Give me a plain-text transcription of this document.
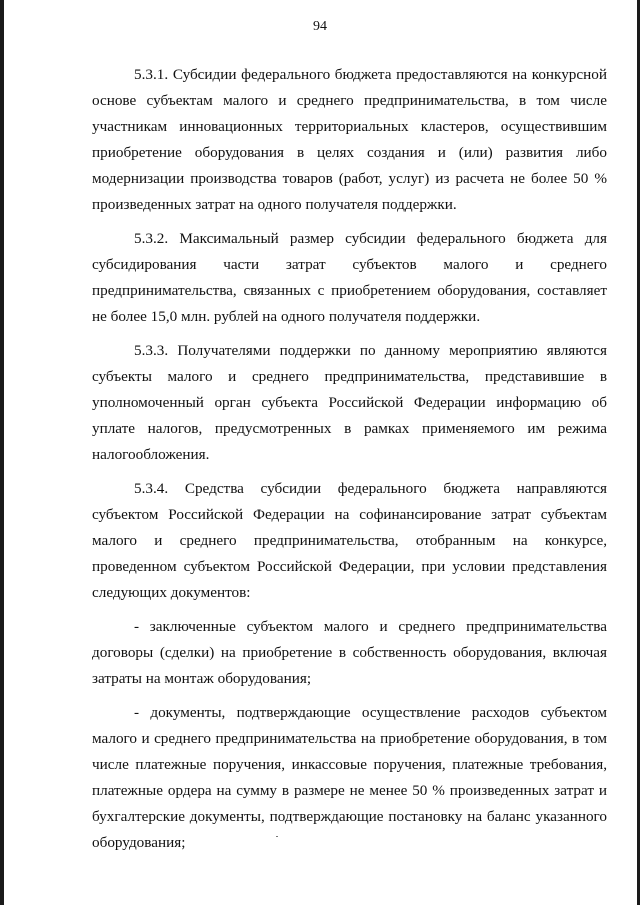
94

5.3.1. Субсидии федерального бюджета предоставляются на конкурсной основе субъектам малого и среднего предпринимательства, в том числе участникам инновационных территориальных кластеров, осуществившим приобретение оборудования в целях создания и (или) развития либо модернизации производства товаров (работ, услуг) из расчета не более 50 % произведенных затрат на одного получателя поддержки.

5.3.2. Максимальный размер субсидии федерального бюджета для субсидирования части затрат субъектов малого и среднего предпринимательства, связанных с приобретением оборудования, составляет не более 15,0 млн. рублей на одного получателя поддержки.

5.3.3. Получателями поддержки по данному мероприятию являются субъекты малого и среднего предпринимательства, представившие в уполномоченный орган субъекта Российской Федерации информацию об уплате налогов, предусмотренных в рамках применяемого им режима налогообложения.

5.3.4. Средства субсидии федерального бюджета направляются субъектом Российской Федерации на софинансирование затрат субъектам малого и среднего предпринимательства, отобранным на конкурсе, проведенном субъектом Российской Федерации, при условии представления следующих документов:

- заключенные субъектом малого и среднего предпринимательства договоры (сделки) на приобретение в собственность оборудования, включая затраты на монтаж оборудования;

- документы, подтверждающие осуществление расходов субъектом малого и среднего предпринимательства на приобретение оборудования, в том числе платежные поручения, инкассовые поручения, платежные требования, платежные ордера на сумму в размере не менее 50 % произведенных затрат и бухгалтерские документы, подтверждающие постановку на баланс указанного оборудования;
